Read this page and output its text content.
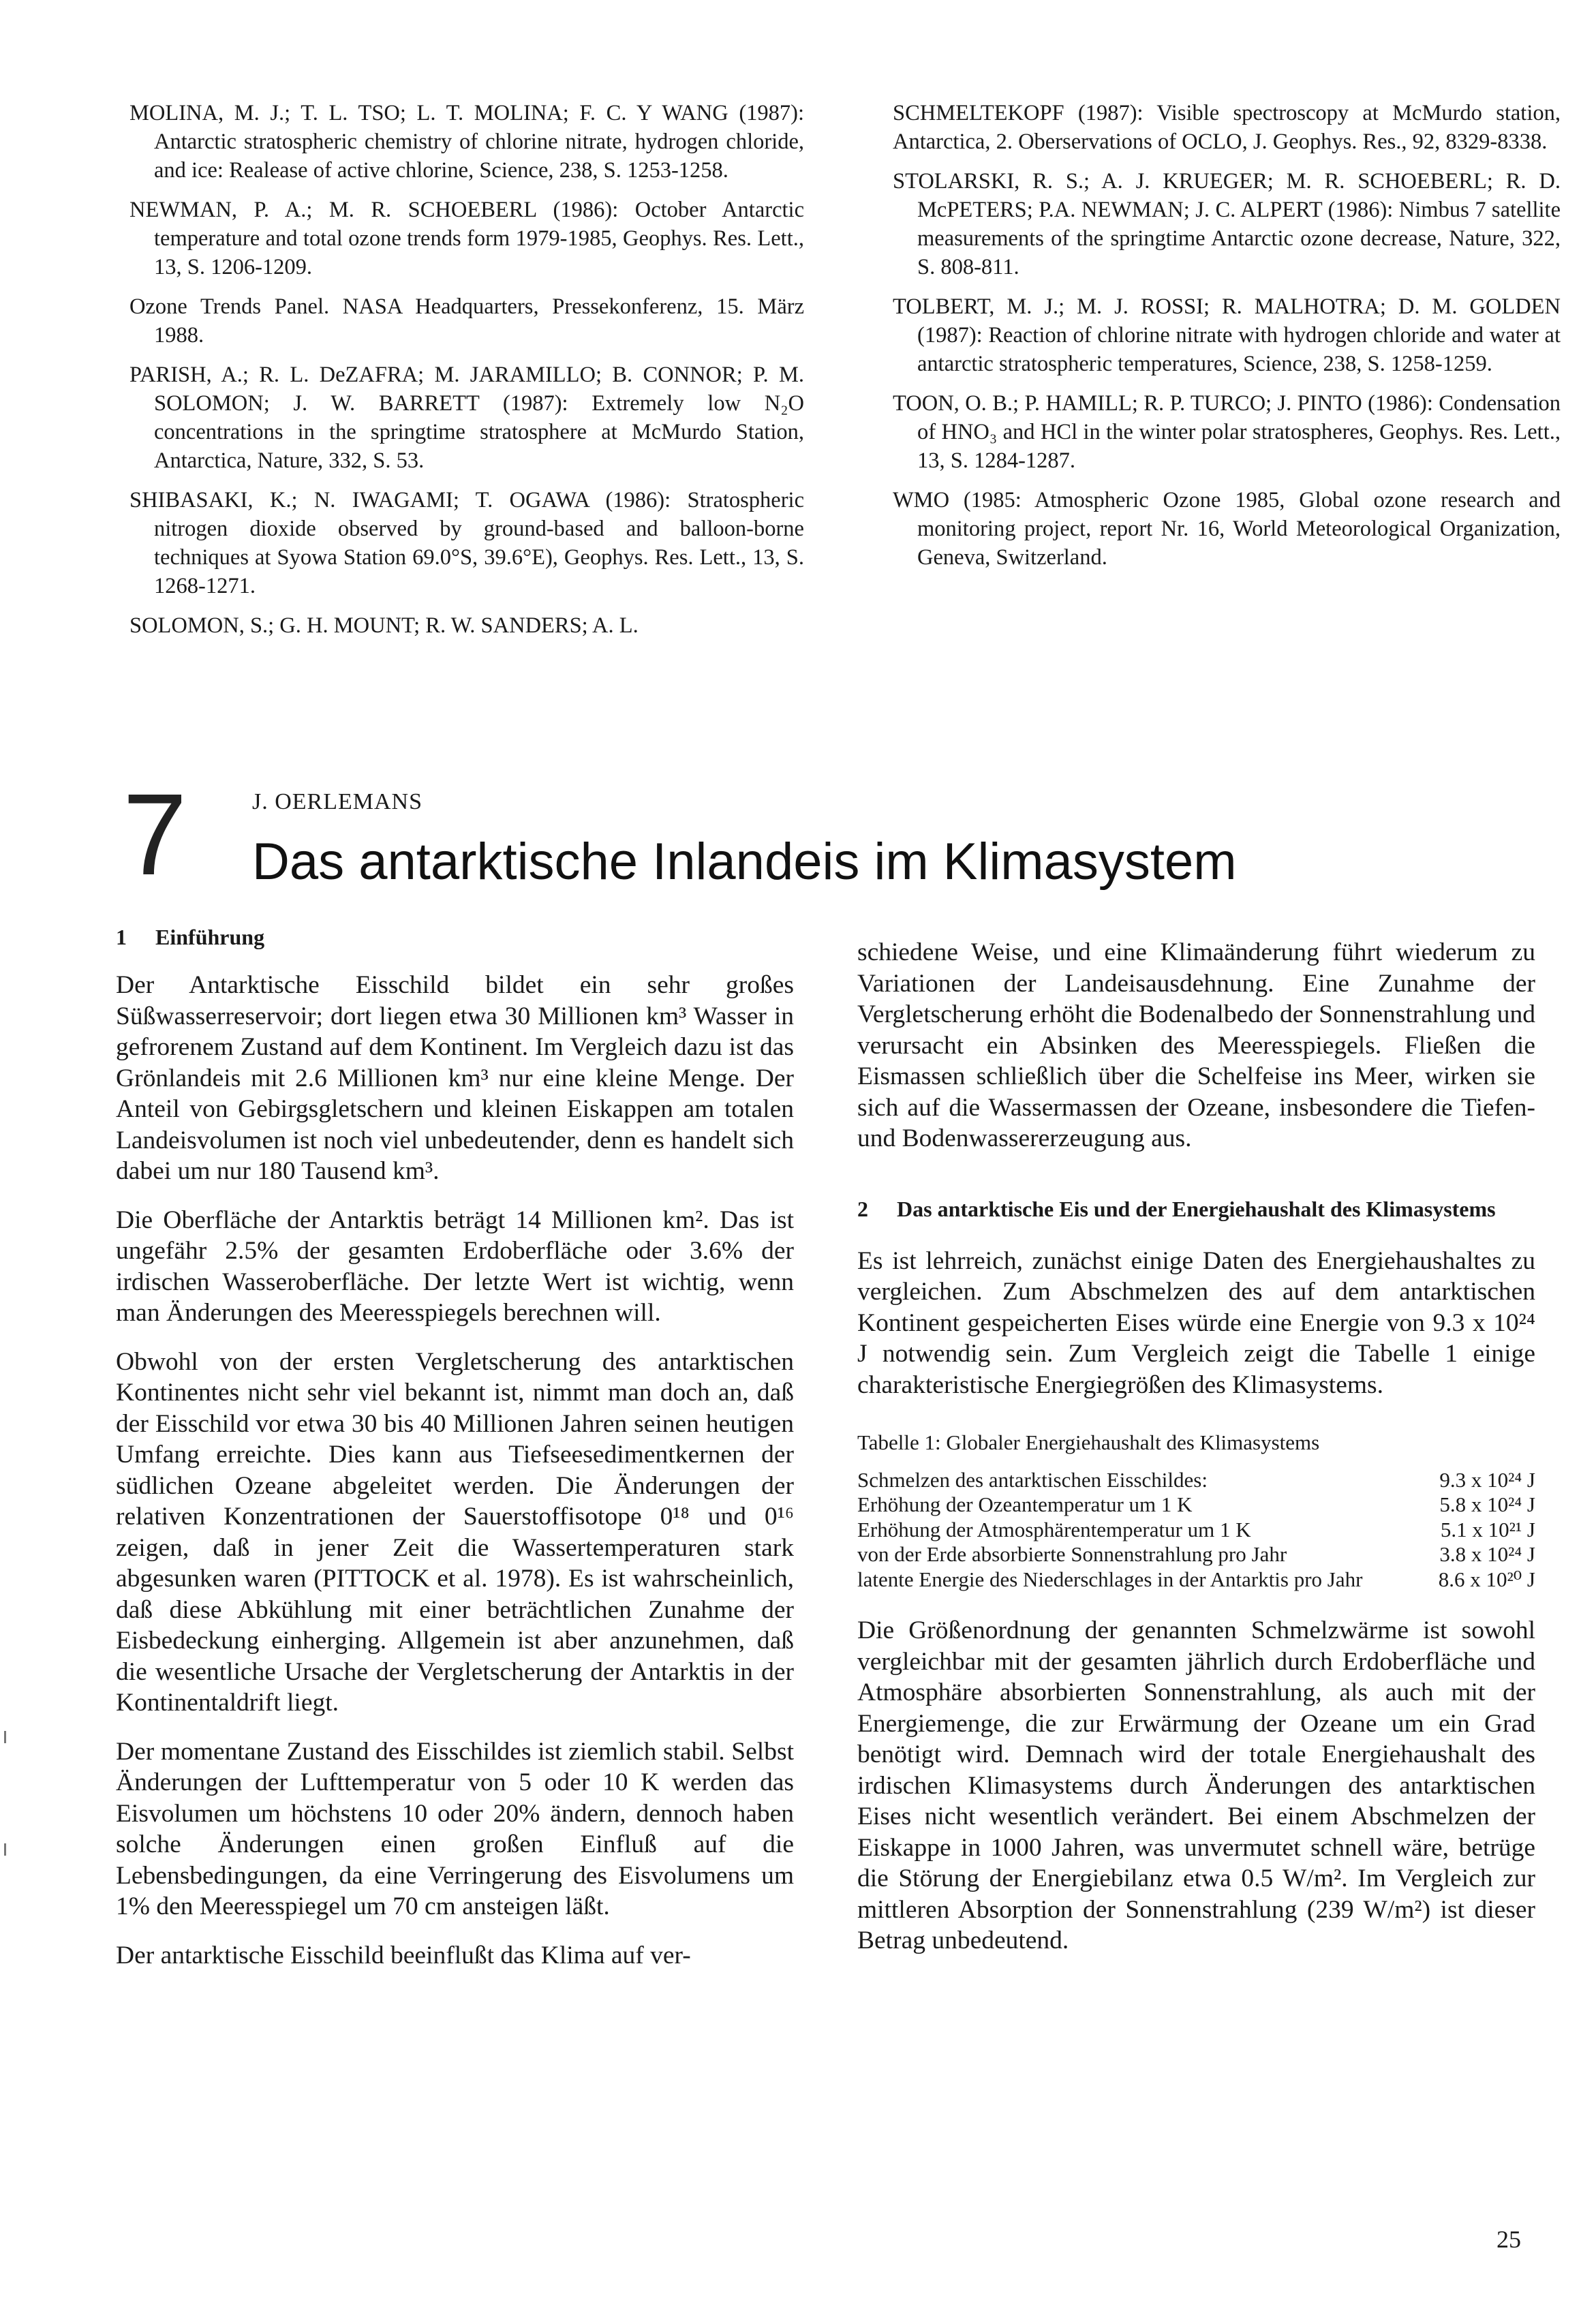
MOLINA, M. J.; T. L. TSO; L. T. MOLINA; F. C. Y WANG (1987): Antarctic stratospheric chemistry of chlorine nitrate, hydrogen chloride, and ice: Realease of active chlorine, Science, 238, S. 1253-1258.

NEWMAN, P. A.; M. R. SCHOEBERL (1986): October Antarctic temperature and total ozone trends form 1979-1985, Geophys. Res. Lett., 13, S. 1206-1209.

Ozone Trends Panel. NASA Headquarters, Pressekonferenz, 15. März 1988.

PARISH, A.; R. L. DeZAFRA; M. JARAMILLO; B. CONNOR; P. M. SOLOMON; J. W. BARRETT (1987): Extremely low N₂O concentrations in the springtime stratosphere at McMurdo Station, Antarctica, Nature, 332, S. 53.

SHIBASAKI, K.; N. IWAGAMI; T. OGAWA (1986): Stratospheric nitrogen dioxide observed by ground-based and balloon-borne techniques at Syowa Station 69.0°S, 39.6°E), Geophys. Res. Lett., 13, S. 1268-1271.

SOLOMON, S.; G. H. MOUNT; R. W. SANDERS; A. L.

SCHMELTEKOPF (1987): Visible spectroscopy at McMurdo station, Antarctica, 2. Oberservations of OCLO, J. Geophys. Res., 92, 8329-8338.

STOLARSKI, R. S.; A. J. KRUEGER; M. R. SCHOEBERL; R. D. McPETERS; P.A. NEWMAN; J. C. ALPERT (1986): Nimbus 7 satellite measurements of the springtime Antarctic ozone decrease, Nature, 322, S. 808-811.

TOLBERT, M. J.; M. J. ROSSI; R. MALHOTRA; D. M. GOLDEN (1987): Reaction of chlorine nitrate with hydrogen chloride and water at antarctic stratospheric temperatures, Science, 238, S. 1258-1259.

TOON, O. B.; P. HAMILL; R. P. TURCO; J. PINTO (1986): Condensation of HNO₃ and HCl in the winter polar stratospheres, Geophys. Res. Lett., 13, S. 1284-1287.

WMO (1985: Atmospheric Ozone 1985, Global ozone research and monitoring project, report Nr. 16, World Meteorological Organization, Geneva, Switzerland.

7	J. OERLEMANS
Das antarktische Inlandeis im Klimasystem
1	Einführung

Der Antarktische Eisschild bildet ein sehr großes Süßwasserreservoir; dort liegen etwa 30 Millionen km³ Wasser in gefrorenem Zustand auf dem Kontinent. Im Vergleich dazu ist das Grönlandeis mit 2.6 Millionen km³ nur eine kleine Menge. Der Anteil von Gebirgsgletschern und kleinen Eiskappen am totalen Landeisvolumen ist noch viel unbedeutender, denn es handelt sich dabei um nur 180 Tausend km³.

Die Oberfläche der Antarktis beträgt 14 Millionen km². Das ist ungefähr 2.5% der gesamten Erdoberfläche oder 3.6% der irdischen Wasseroberfläche. Der letzte Wert ist wichtig, wenn man Änderungen des Meeresspiegels berechnen will.

Obwohl von der ersten Vergletscherung des antarktischen Kontinentes nicht sehr viel bekannt ist, nimmt man doch an, daß der Eisschild vor etwa 30 bis 40 Millionen Jahren seinen heutigen Umfang erreichte. Dies kann aus Tiefseesedimentkernen der südlichen Ozeane abgeleitet werden. Die Änderungen der relativen Konzentrationen der Sauerstoffisotope 0¹⁸ und 0¹⁶ zeigen, daß in jener Zeit die Wassertemperaturen stark abgesunken waren (PITTOCK et al. 1978). Es ist wahrscheinlich, daß diese Abkühlung mit einer beträchtlichen Zunahme der Eisbedeckung einherging. Allgemein ist aber anzunehmen, daß die wesentliche Ursache der Vergletscherung der Antarktis in der Kontinentaldrift liegt.

Der momentane Zustand des Eisschildes ist ziemlich stabil. Selbst Änderungen der Lufttemperatur von 5 oder 10 K werden das Eisvolumen um höchstens 10 oder 20% ändern, dennoch haben solche Änderungen einen großen Einfluß auf die Lebensbedingungen, da eine Verringerung des Eisvolumens um 1% den Meeresspiegel um 70 cm ansteigen läßt.

Der antarktische Eisschild beeinflußt das Klima auf ver-

schiedene Weise, und eine Klimaänderung führt wiederum zu Variationen der Landeisausdehnung. Eine Zunahme der Vergletscherung erhöht die Bodenalbedo der Sonnenstrahlung und verursacht ein Absinken des Meeresspiegels. Fließen die Eismassen schließlich über die Schelfeise ins Meer, wirken sie sich auf die Wassermassen der Ozeane, insbesondere die Tiefen- und Bodenwassererzeugung aus.

2	Das antarktische Eis und der Energiehaushalt des Klimasystems

Es ist lehrreich, zunächst einige Daten des Energiehaushaltes zu vergleichen. Zum Abschmelzen des auf dem antarktischen Kontinent gespeicherten Eises würde eine Energie von 9.3 x 10²⁴ J notwendig sein. Zum Vergleich zeigt die Tabelle 1 einige charakteristische Energiegrößen des Klimasystems.

Tabelle 1: Globaler Energiehaushalt des Klimasystems
Schmelzen des antarktischen Eisschildes:	9.3 x 10²⁴ J
Erhöhung der Ozeantemperatur um 1 K	5.8 x 10²⁴ J
Erhöhung der Atmosphärentemperatur um 1 K	5.1 x 10²¹ J
von der Erde absorbierte Sonnenstrahlung pro Jahr	3.8 x 10²⁴ J
latente Energie des Niederschlages in der Antarktis pro Jahr	8.6 x 10²⁰ J

Die Größenordnung der genannten Schmelzwärme ist sowohl vergleichbar mit der gesamten jährlich durch Erdoberfläche und Atmosphäre absorbierten Sonnenstrahlung, als auch mit der Energiemenge, die zur Erwärmung der Ozeane um ein Grad benötigt wird. Demnach wird der totale Energiehaushalt des irdischen Klimasystems durch Änderungen des antarktischen Eises nicht wesentlich verändert. Bei einem Abschmelzen der Eiskappe in 1000 Jahren, was unvermutet schnell wäre, betrüge die Störung der Energiebilanz etwa 0.5 W/m². Im Vergleich zur mittleren Absorption der Sonnenstrahlung (239 W/m²) ist dieser Betrag unbedeutend.

25
